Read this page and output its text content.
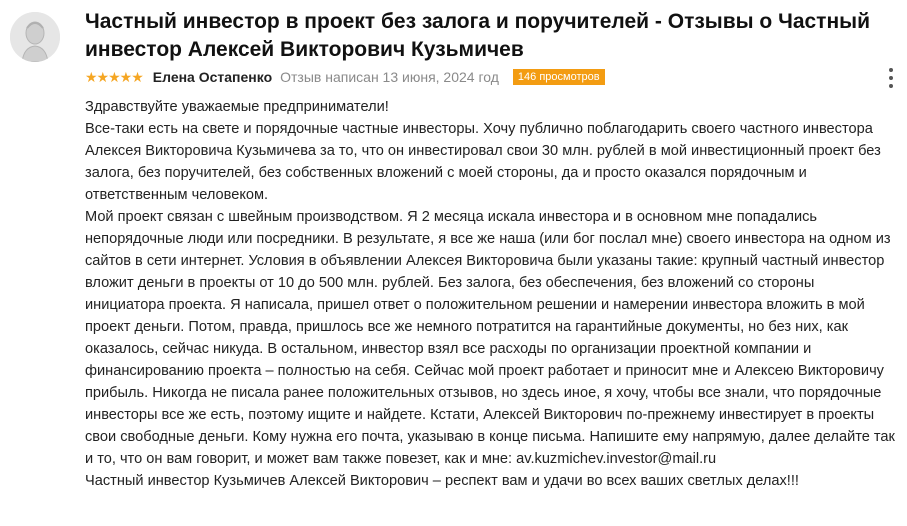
Частный инвестор в проект без залога и поручителей - Отзывы о Частный инвестор Алексей Викторович Кузьмичев
★★★★★ Елена Остапенко Отзыв написан 13 июня, 2024 год	146 просмотров

Здравствуйте уважаемые предприниматели!

Все-таки есть на свете и порядочные частные инвесторы. Хочу публично поблагодарить своего частного инвестора Алексея Викторовича Кузьмичева за то, что он инвестировал свои 30 млн. рублей в мой инвестиционный проект без залога, без поручителей, без собственных вложений с моей стороны, да и просто оказался порядочным и ответственным человеком.

Мой проект связан с швейным производством. Я 2 месяца искала инвестора и в основном мне попадались непорядочные люди или посредники. В результате, я все же наша (или бог послал мне) своего инвестора на одном из сайтов в сети интернет. Условия в объявлении Алексея Викторовича были указаны такие: крупный частный инвестор вложит деньги в проекты от 10 до 500 млн. рублей. Без залога, без обеспечения, без вложений со стороны инициатора проекта. Я написала, пришел ответ о положительном решении и намерении инвестора вложить в мой проект деньги. Потом, правда, пришлось все же немного потратится на гарантийные документы, но без них, как оказалось, сейчас никуда. В остальном, инвестор взял все расходы по организации проектной компании и финансированию проекта – полностью на себя. Сейчас мой проект работает и приносит мне и Алексею Викторовичу прибыль. Никогда не писала ранее положительных отзывов, но здесь иное, я хочу, чтобы все знали, что порядочные инвесторы все же есть, поэтому ищите и найдете. Кстати, Алексей Викторович по-прежнему инвестирует в проекты свои свободные деньги. Кому нужна его почта, указываю в конце письма. Напишите ему напрямую, далее делайте так и то, что он вам говорит, и может вам также повезет, как и мне: av.kuzmichev.investor@mail.ru

Частный инвестор Кузьмичев Алексей Викторович – респект вам и удачи во всех ваших светлых делах!!!
